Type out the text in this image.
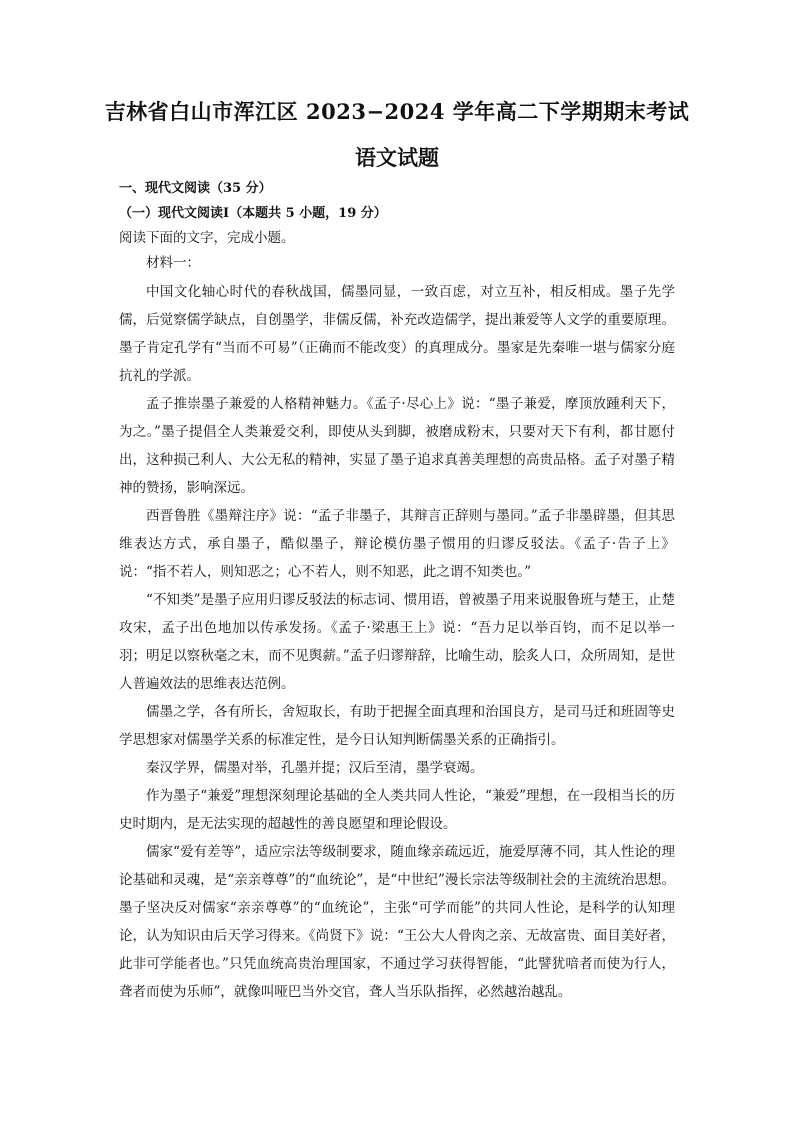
吉林省白山市浑江区 2023−2024 学年高二下学期期末考试
语文试题
一、现代文阅读（35 分）
（一）现代文阅读Ⅰ（本题共 5 小题，19 分）
阅读下面的文字，完成小题。

材料一：

中国文化轴心时代的春秋战国，儒墨同显，一致百虑，对立互补，相反相成。墨子先学儒，后觉察儒学缺点，自创墨学，非儒反儒，补充改造儒学，提出兼爱等人文学的重要原理。墨子肯定孔学有“当而不可易”（正确而不能改变）的真理成分。墨家是先秦唯一堪与儒家分庭抗礼的学派。

孟子推崇墨子兼爱的人格精神魅力。《孟子·尽心上》说：“墨子兼爱，摩顶放踵利天下，为之。”墨子提倡全人类兼爱交利，即使从头到脚，被磨成粉末，只要对天下有利，都甘愿付出，这种损己利人、大公无私的精神，实显了墨子追求真善美理想的高贵品格。孟子对墨子精神的赞扬，影响深远。

西晋鲁胜《墨辩注序》说：“孟子非墨子，其辩言正辞则与墨同。”孟子非墨辟墨，但其思维表达方式，承自墨子，酷似墨子，辩论模仿墨子惯用的归谬反驳法。《孟子·告子上》说：“指不若人，则知恶之；心不若人，则不知恶，此之谓不知类也。”

“不知类”是墨子应用归谬反驳法的标志词、惯用语，曾被墨子用来说服鲁班与楚王，止楚攻宋，孟子出色地加以传承发扬。《孟子·梁惠王上》说：“吾力足以举百钧，而不足以举一羽；明足以察秋毫之末，而不见舆薪。”孟子归谬辩辞，比喻生动，脍炙人口，众所周知，是世人普遍效法的思维表达范例。

儒墨之学，各有所长，舍短取长，有助于把握全面真理和治国良方，是司马迁和班固等史学思想家对儒墨学关系的标准定性，是今日认知判断儒墨关系的正确指引。

秦汉学界，儒墨对举，孔墨并提；汉后至清，墨学衰竭。

作为墨子“兼爱”理想深刻理论基础的全人类共同人性论，“兼爱”理想，在一段相当长的历史时期内，是无法实现的超越性的善良愿望和理论假设。

儒家“爱有差等”，适应宗法等级制要求，随血缘亲疏远近，施爱厚薄不同，其人性论的理论基础和灵魂，是“亲亲尊尊”的“血统论”，是“中世纪”漫长宗法等级制社会的主流统治思想。墨子坚决反对儒家“亲亲尊尊”的“血统论”，主张“可学而能”的共同人性论，是科学的认知理论，认为知识由后天学习得来。《尚贤下》说：“王公大人骨肉之亲、无故富贵、面目美好者，此非可学能者也。”只凭血统高贵治理国家，不通过学习获得智能，“此譬犹喑者而使为行人，聋者而使为乐师”，就像叫哑巴当外交官，聋人当乐队指挥，必然越治越乱。
